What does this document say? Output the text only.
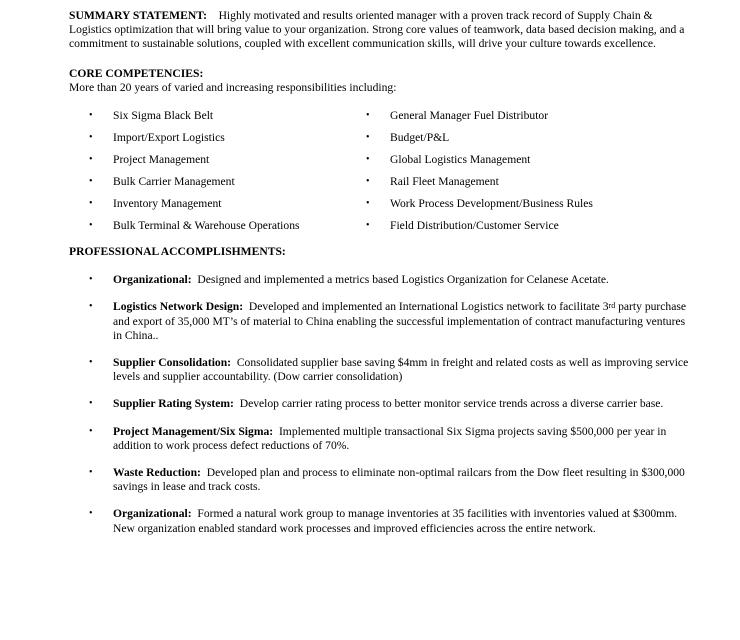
SUMMARY STATEMENT: Highly motivated and results oriented manager with a proven track record of Supply Chain & Logistics optimization that will bring value to your organization. Strong core values of teamwork, data based decision making, and a commitment to sustainable solutions, coupled with excellent communication skills, will drive your culture towards excellence.

CORE COMPETENCIES:

More than 20 years of varied and increasing responsibilities including:

• Six Sigma Black Belt
• Import/Export Logistics
• Project Management
• Bulk Carrier Management
• Inventory Management
• Bulk Terminal & Warehouse Operations
• General Manager Fuel Distributor
• Budget/P&L
• Global Logistics Management
• Rail Fleet Management
• Work Process Development/Business Rules
• Field Distribution/Customer Service

PROFESSIONAL ACCOMPLISHMENTS:

• Organizational: Designed and implemented a metrics based Logistics Organization for Celanese Acetate.
• Logistics Network Design: Developed and implemented an International Logistics network to facilitate 3rd party purchase and export of 35,000 MT’s of material to China enabling the successful implementation of contract manufacturing ventures in China..
• Supplier Consolidation: Consolidated supplier base saving $4mm in freight and related costs as well as improving service levels and supplier accountability. (Dow carrier consolidation)
• Supplier Rating System: Develop carrier rating process to better monitor service trends across a diverse carrier base.
• Project Management/Six Sigma: Implemented multiple transactional Six Sigma projects saving $500,000 per year in addition to work process defect reductions of 70%.
• Waste Reduction: Developed plan and process to eliminate non-optimal railcars from the Dow fleet resulting in $300,000 savings in lease and track costs.
• Organizational: Formed a natural work group to manage inventories at 35 facilities with inventories valued at $300mm. New organization enabled standard work processes and improved efficiencies across the entire network.
